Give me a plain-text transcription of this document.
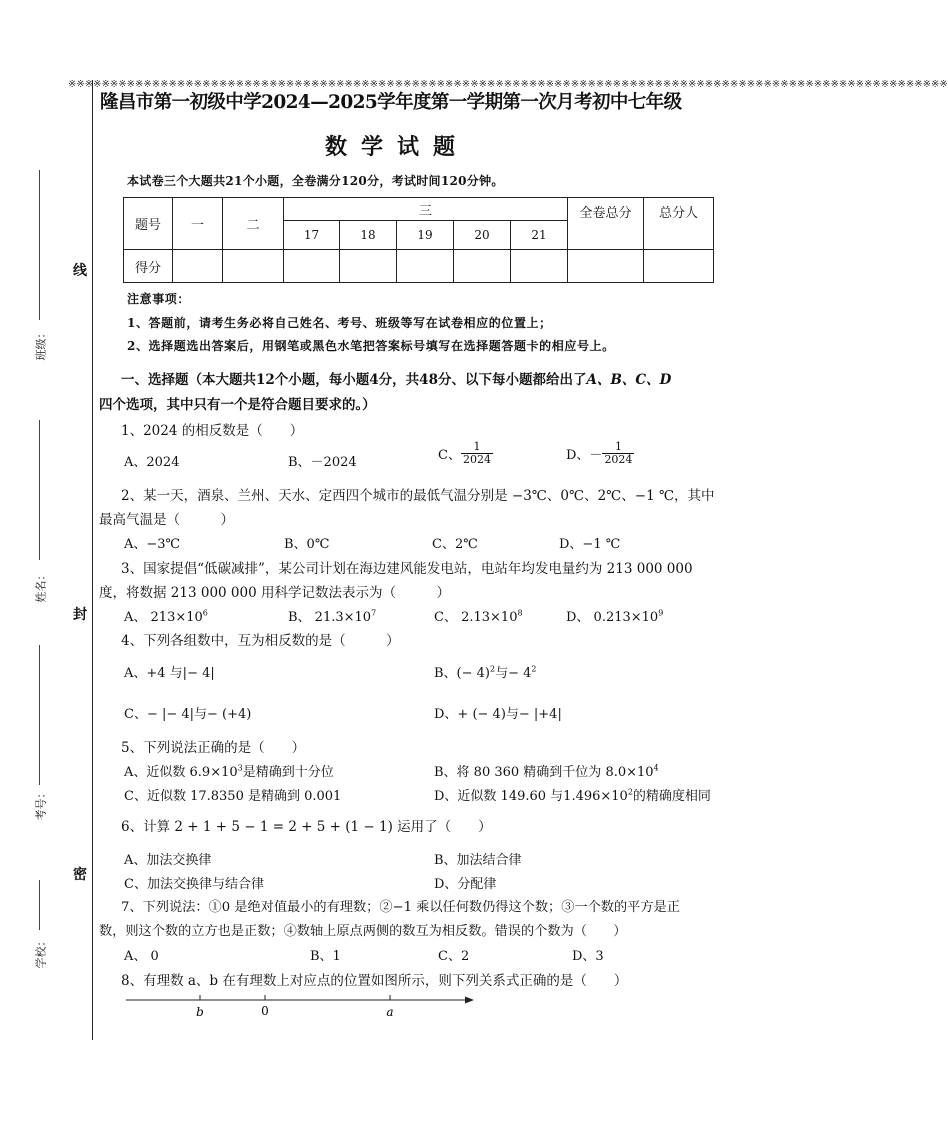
※※※※※※※※※※※※※※※※※※※※※※※※※※※※※※※※※※※※※※※※※※※※※※※※※※※※※※※※※※※※※※※※※※※※※※※※※※※※※※※※※※※※※※※※※※※※※※※※※※※※※※※※※
线
封
密
班级：
姓名：
考号：
学校：
隆昌市第一初级中学2024—2025学年度第一学期第一次月考初中七年级
数学试题
本试卷三个大题共21个小题，全卷满分120分，考试时间120分钟。
题号	一	二	三					全卷总分	总分人
			17	18	19	20	21		
得分									
注意事项：
1、答题前，请考生务必将自己姓名、考号、班级等写在试卷相应的位置上；
2、选择题选出答案后，用钢笔或黑色水笔把答案标号填写在选择题答题卡的相应号上。
一、选择题（本大题共12个小题，每小题4分，共48分、以下每小题都给出了A、B、C、D
四个选项，其中只有一个是符合题目要求的。）
1、2024 的相反数是（　　）
A、2024	B、－2024	C、 $\frac{1}{2024}$	D、－ $\frac{1}{2024}$
2、某一天，酒泉、兰州、天水、定西四个城市的最低气温分别是 −3℃、0℃、2℃、−1 ℃，其中
最高气温是（　　　）
A、−3℃	B、0℃	C、2℃	D、−1 ℃
3、国家提倡“低碳减排”，某公司计划在海边建风能发电站，电站年均发电量约为 213 000 000
度，将数据 213 000 000 用科学记数法表示为（　　　）
A、 $213\times 10^6$	B、 $21.3\times 10^7$	C、 $2.13\times 10^8$	D、 $0.213\times 10^9$
4、下列各组数中，互为相反数的是（　　　）
A、+4 与|− 4|	B、(− 4)$^2$与− $4^2$
C、− |− 4|与− (+4)	D、+ (− 4)与− |+4|
5、下列说法正确的是（　　）
A、近似数 $6.9\times 10^3$是精确到十分位	B、将 80 360 精确到千位为 $8.0\times 10^4$
C、近似数 17.8350 是精确到 0.001	D、近似数 149.60 与$1.496\times 10^2$的精确度相同
6、计算 2 + 1 + 5 − 1 = 2 + 5 + (1 − 1) 运用了（　　）
A、加法交换律	B、加法结合律
C、加法交换律与结合律	D、分配律
7、下列说法：①0 是绝对值最小的有理数；②−1 乘以任何数仍得这个数；③一个数的平方是正
数，则这个数的立方也是正数；④数轴上原点两侧的数互为相反数。错误的个数为（　　）
A、 0	B、1	C、2	D、3
8、有理数 a、b 在有理数上对应点的位置如图所示，则下列关系式正确的是（　　）
b	0	a
